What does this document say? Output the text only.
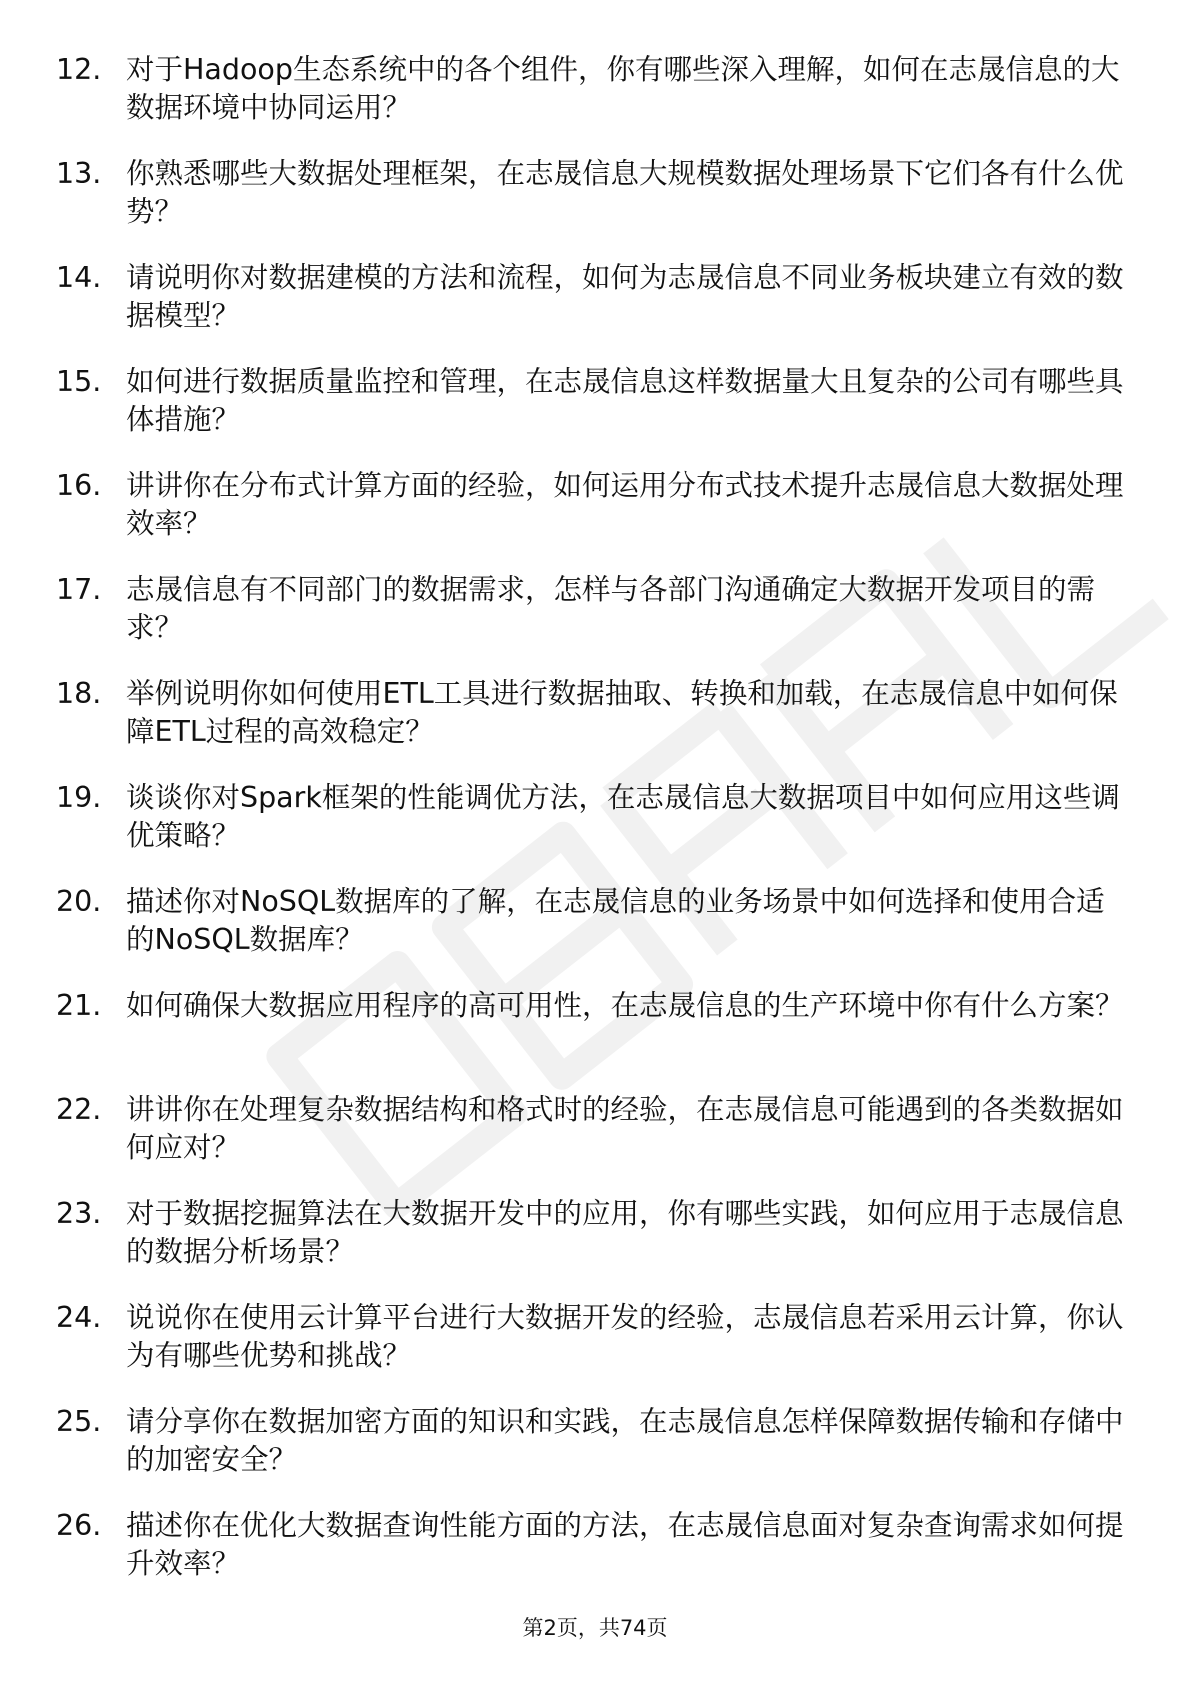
12. 对于Hadoop生态系统中的各个组件，你有哪些深入理解，如何在志晟信息的大数据环境中协同运用？
13. 你熟悉哪些大数据处理框架，在志晟信息大规模数据处理场景下它们各有什么优势？
14. 请说明你对数据建模的方法和流程，如何为志晟信息不同业务板块建立有效的数据模型？
15. 如何进行数据质量监控和管理，在志晟信息这样数据量大且复杂的公司有哪些具体措施？
16. 讲讲你在分布式计算方面的经验，如何运用分布式技术提升志晟信息大数据处理效率？
17. 志晟信息有不同部门的数据需求，怎样与各部门沟通确定大数据开发项目的需求？
18. 举例说明你如何使用ETL工具进行数据抽取、转换和加载，在志晟信息中如何保障ETL过程的高效稳定？
19. 谈谈你对Spark框架的性能调优方法，在志晟信息大数据项目中如何应用这些调优策略？
20. 描述你对NoSQL数据库的了解，在志晟信息的业务场景中如何选择和使用合适的NoSQL数据库？
21. 如何确保大数据应用程序的高可用性，在志晟信息的生产环境中你有什么方案？
22. 讲讲你在处理复杂数据结构和格式时的经验，在志晟信息可能遇到的各类数据如何应对？
23. 对于数据挖掘算法在大数据开发中的应用，你有哪些实践，如何应用于志晟信息的数据分析场景？
24. 说说你在使用云计算平台进行大数据开发的经验，志晟信息若采用云计算，你认为有哪些优势和挑战？
25. 请分享你在数据加密方面的知识和实践，在志晟信息怎样保障数据传输和存储中的加密安全？
26. 描述你在优化大数据查询性能方面的方法，在志晟信息面对复杂查询需求如何提升效率？
第2页，共74页
